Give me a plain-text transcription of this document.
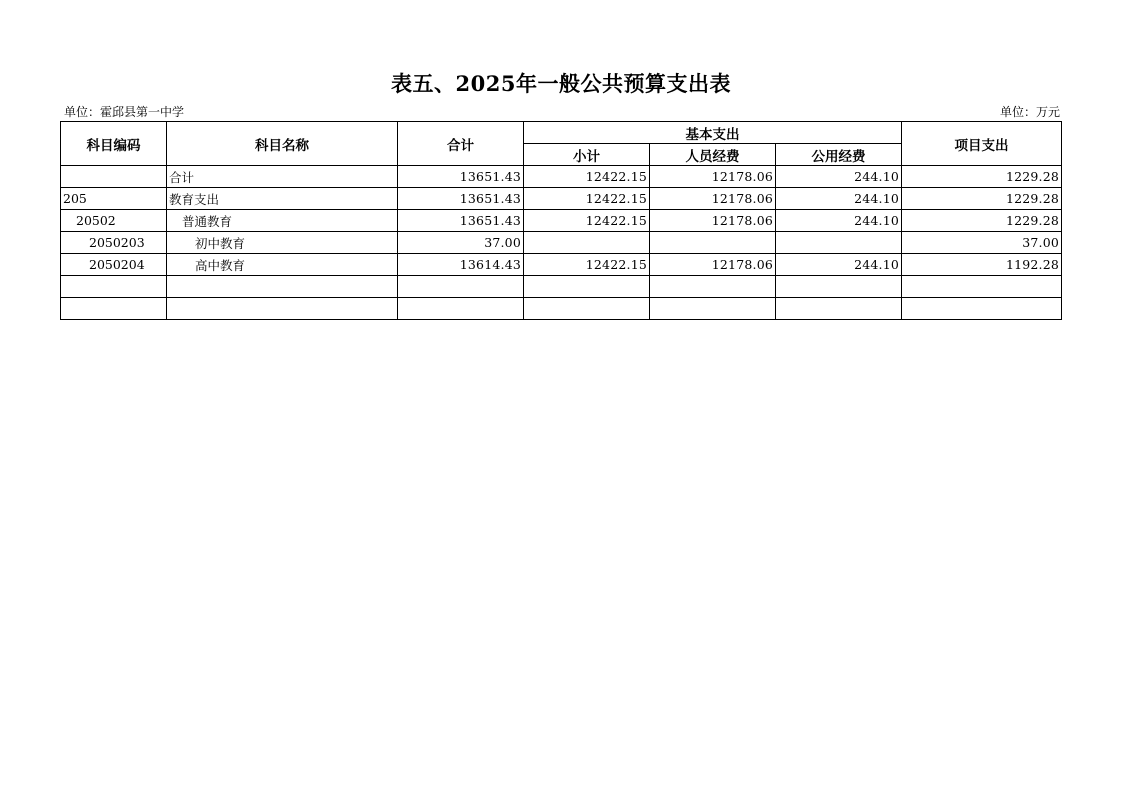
表五、2025年一般公共预算支出表
单位：霍邱县第一中学	单位：万元
科目编码	科目名称	合计	基本支出			项目支出
			小计	人员经费	公用经费	
	合计	13651.43	12422.15	12178.06	244.10	1229.28
205	教育支出	13651.43	12422.15	12178.06	244.10	1229.28
20502	普通教育	13651.43	12422.15	12178.06	244.10	1229.28
2050203	初中教育	37.00				37.00
2050204	高中教育	13614.43	12422.15	12178.06	244.10	1192.28
